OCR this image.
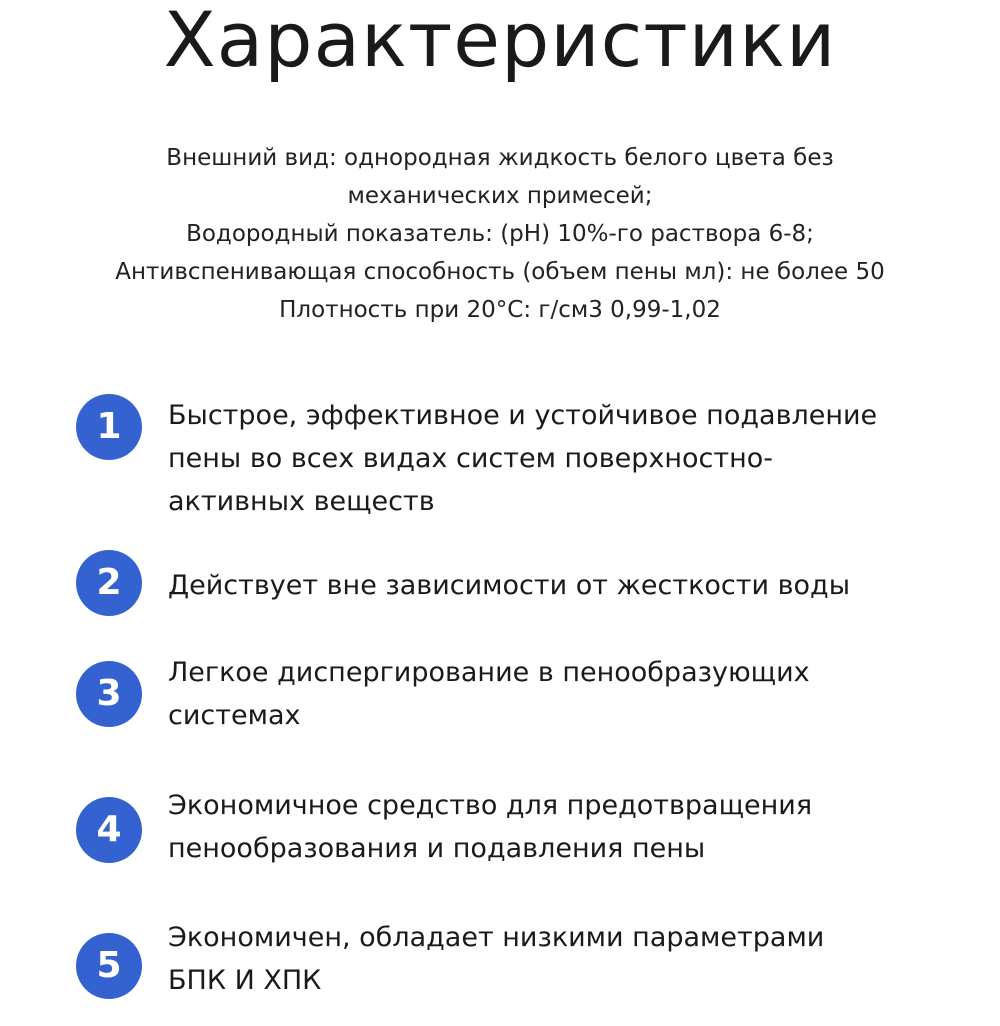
Характеристики
Внешний вид: однородная жидкость белого цвета без
механических примесей;
Водородный показатель: (pH) 10%-го раствора 6-8;
Антивспенивающая способность (объем пены мл): не более 50
Плотность при 20°C: г/см3 0,99-1,02
1	Быстрое, эффективное и устойчивое подавление
пены во всех видах систем поверхностно-
активных веществ
2	Действует вне зависимости от жесткости воды
3
Легкое диспергирование в пенообразующих
системах
4
Экономичное средство для предотвращения
пенообразования и подавления пены
5
Экономичен, обладает низкими параметрами
БПК И ХПК
